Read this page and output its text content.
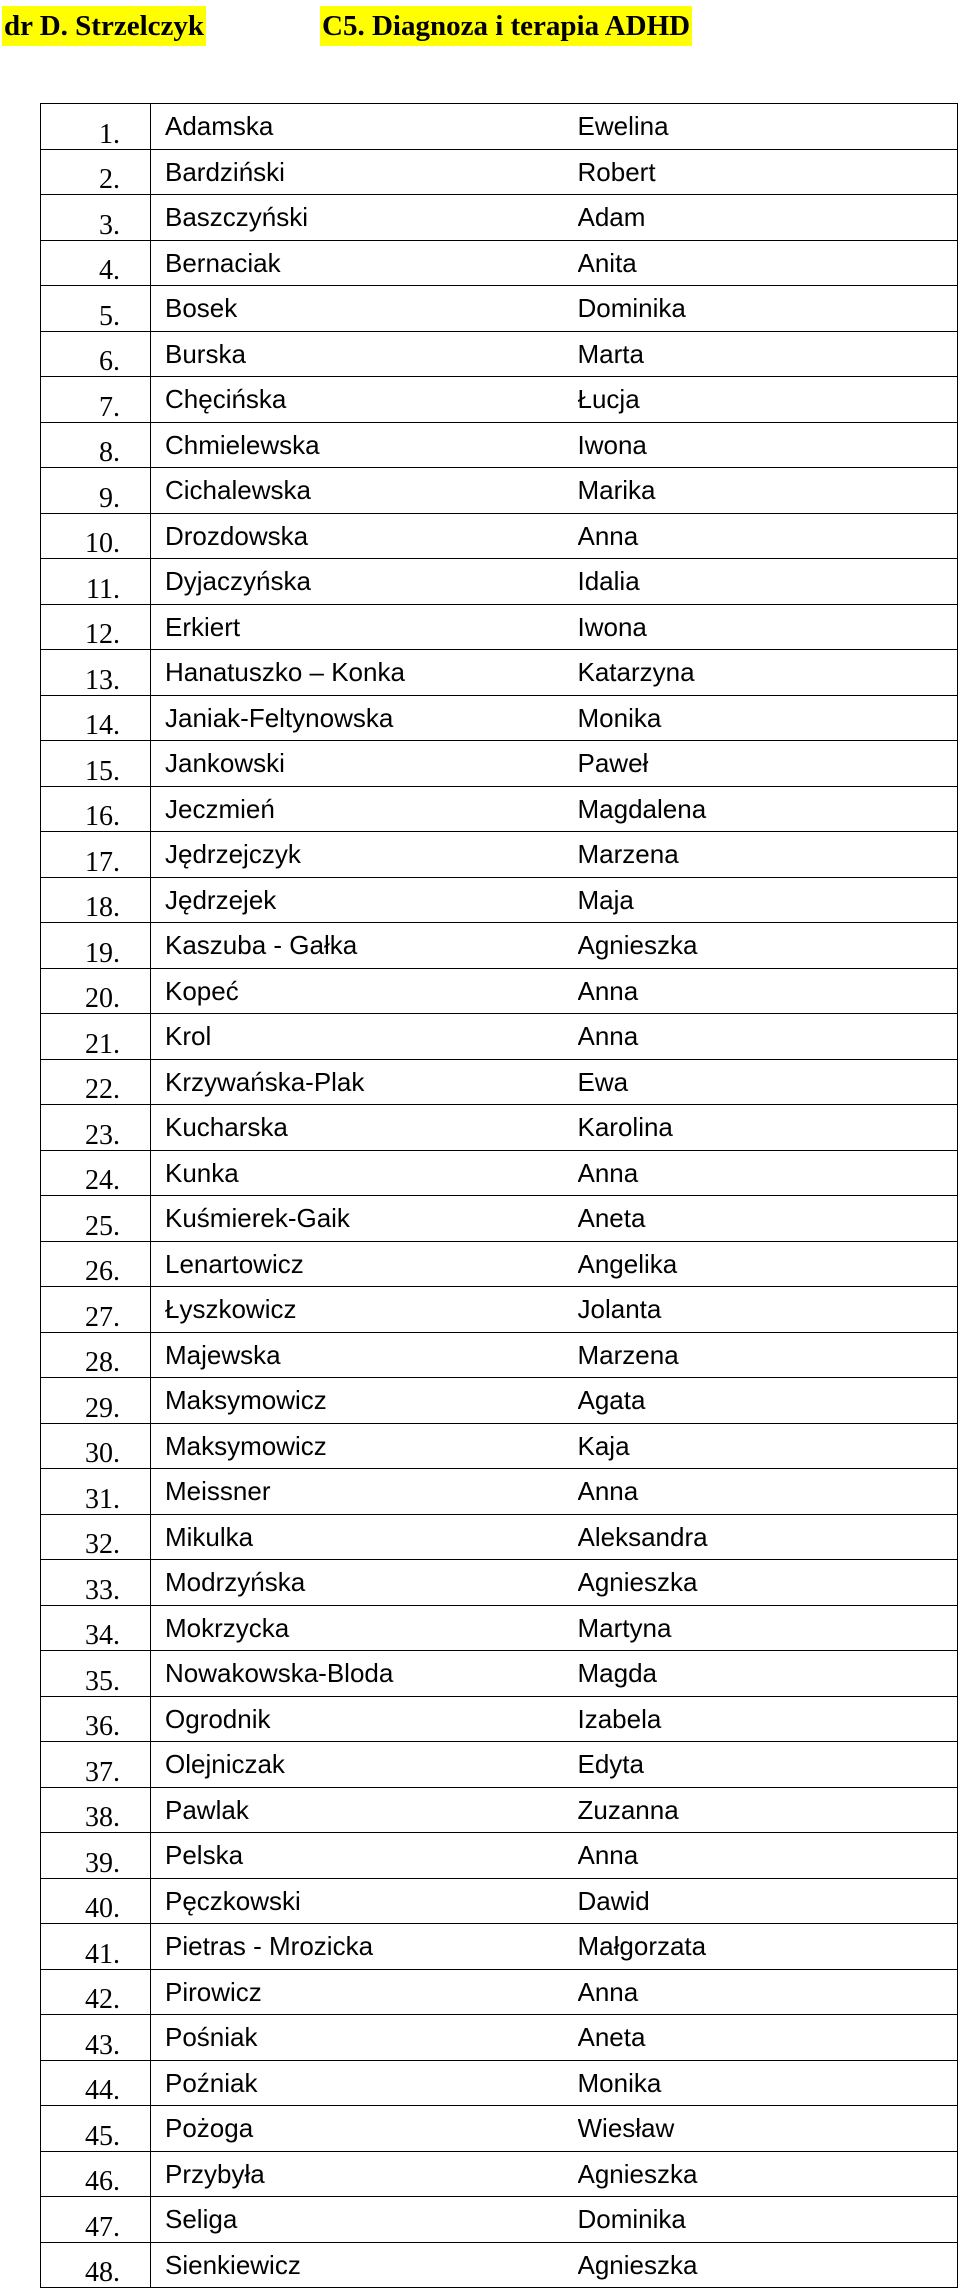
dr D. Strzelczyk	C5. Diagnoza i terapia ADHD
1.	Adamska	Ewelina
2.	Bardziński	Robert
3.	Baszczyński	Adam
4.	Bernaciak	Anita
5.	Bosek	Dominika
6.	Burska	Marta
7.	Chęcińska	Łucja
8.	Chmielewska	Iwona
9.	Cichalewska	Marika
10.	Drozdowska	Anna
11.	Dyjaczyńska	Idalia
12.	Erkiert	Iwona
13.	Hanatuszko – Konka	Katarzyna
14.	Janiak-Feltynowska	Monika
15.	Jankowski	Paweł
16.	Jeczmień	Magdalena
17.	Jędrzejczyk	Marzena
18.	Jędrzejek	Maja
19.	Kaszuba - Gałka	Agnieszka
20.	Kopeć	Anna
21.	Krol	Anna
22.	Krzywańska-Plak	Ewa
23.	Kucharska	Karolina
24.	Kunka	Anna
25.	Kuśmierek-Gaik	Aneta
26.	Lenartowicz	Angelika
27.	Łyszkowicz	Jolanta
28.	Majewska	Marzena
29.	Maksymowicz	Agata
30.	Maksymowicz	Kaja
31.	Meissner	Anna
32.	Mikulka	Aleksandra
33.	Modrzyńska	Agnieszka
34.	Mokrzycka	Martyna
35.	Nowakowska-Bloda	Magda
36.	Ogrodnik	Izabela
37.	Olejniczak	Edyta
38.	Pawlak	Zuzanna
39.	Pelska	Anna
40.	Pęczkowski	Dawid
41.	Pietras - Mrozicka	Małgorzata
42.	Pirowicz	Anna
43.	Pośniak	Aneta
44.	Poźniak	Monika
45.	Pożoga	Wiesław
46.	Przybyła	Agnieszka
47.	Seliga	Dominika
48.	Sienkiewicz	Agnieszka
